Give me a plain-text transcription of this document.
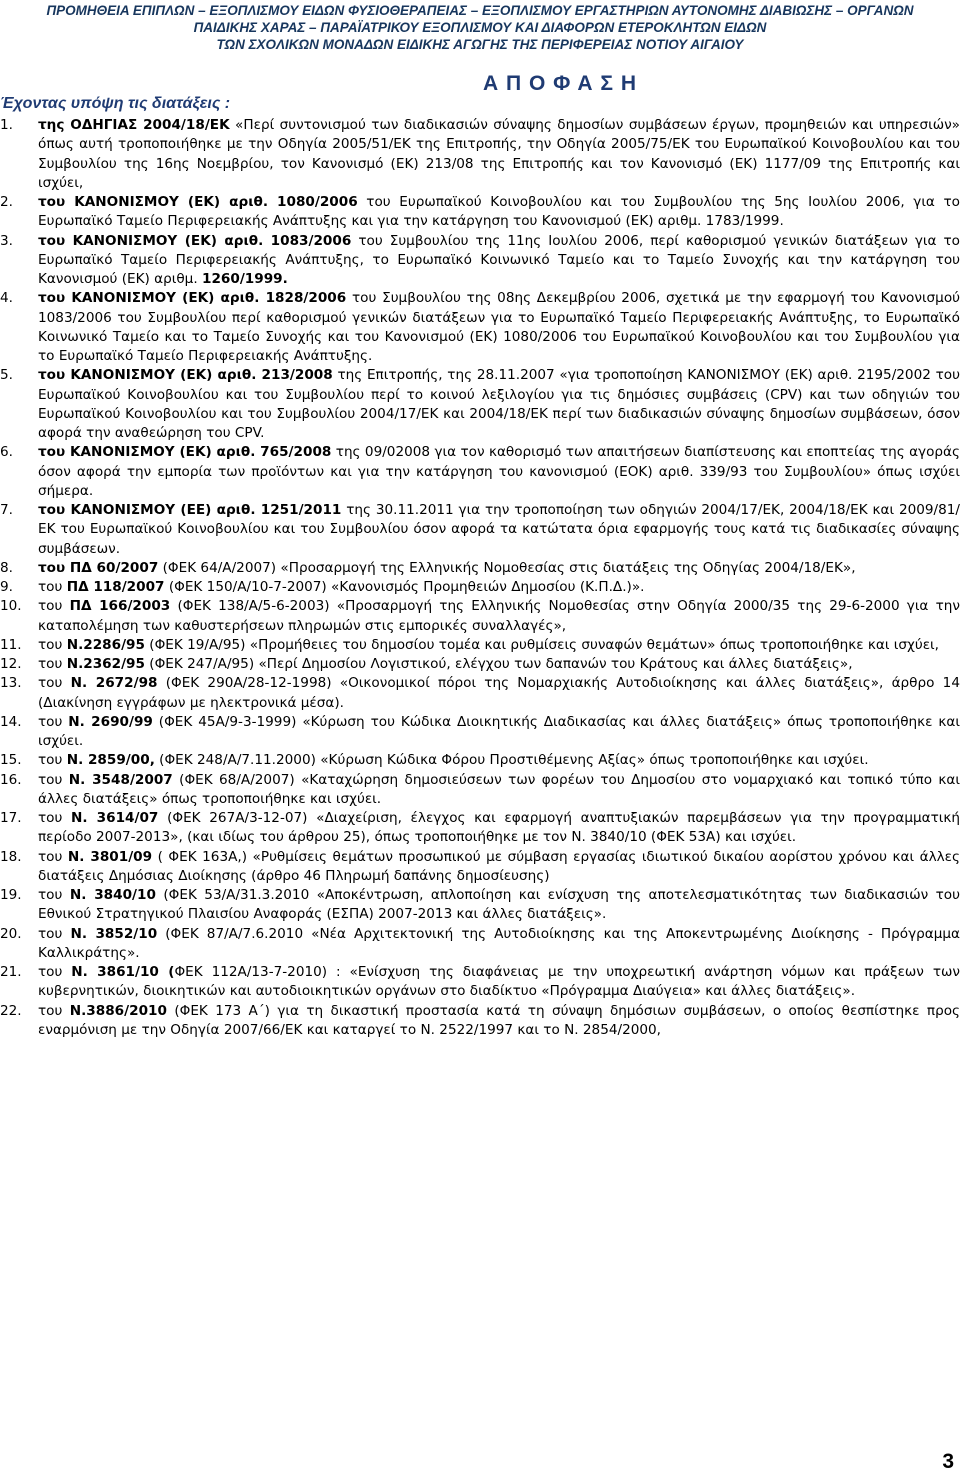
ΠΡΟΜΗΘΕΙΑ ΕΠΙΠΛΩΝ – ΕΞΟΠΛΙΣΜΟΥ ΕΙΔΩΝ ΦΥΣΙΟΘΕΡΑΠΕΙΑΣ – ΕΞΟΠΛΙΣΜΟΥ ΕΡΓΑΣΤΗΡΙΩΝ ΑΥΤΟΝΟΜΗΣ ΔΙΑΒΙΩΣΗΣ – ΟΡΓΑΝΩΝ
ΠΑΙΔΙΚΗΣ ΧΑΡΑΣ – ΠΑΡΑΪΑΤΡΙΚΟΥ ΕΞΟΠΛΙΣΜΟΥ ΚΑΙ ΔΙΑΦΟΡΩΝ ΕΤΕΡΟΚΛΗΤΩΝ ΕΙΔΩΝ
ΤΩΝ ΣΧΟΛΙΚΩΝ ΜΟΝΑΔΩΝ ΕΙΔΙΚΗΣ ΑΓΩΓΗΣ ΤΗΣ ΠΕΡΙΦΕΡΕΙΑΣ ΝΟΤΙΟΥ ΑΙΓΑΙΟΥ
Α Π Ο Φ Α Σ Η
Έχοντας υπόψη τις διατάξεις :
1. της ΟΔΗΓΙΑΣ 2004/18/ΕΚ «Περί συντονισμού των διαδικασιών σύναψης δημοσίων συμβάσεων έργων, προμηθειών και υπηρεσιών» όπως αυτή τροποποιήθηκε με την Οδηγία 2005/51/ΕΚ της Επιτροπής, την Οδηγία 2005/75/ΕΚ του Ευρωπαϊκού Κοινοβουλίου και του Συμβουλίου της 16ης Νοεμβρίου, τον Κανονισμό (ΕΚ) 213/08 της Επιτροπής και τον Κανονισμό (ΕΚ) 1177/09 της Επιτροπής και ισχύει,

2. του ΚΑΝΟΝΙΣΜΟΥ (ΕΚ) αριθ. 1080/2006 του Ευρωπαϊκού Κοινοβουλίου και του Συμβουλίου της 5ης Ιουλίου 2006, για το Ευρωπαϊκό Ταμείο Περιφερειακής Ανάπτυξης και για την κατάργηση του Κανονισμού (ΕΚ) αριθμ. 1783/1999.

3. του ΚΑΝΟΝΙΣΜΟΥ (ΕΚ) αριθ. 1083/2006 του Συμβουλίου της 11ης Ιουλίου 2006, περί καθορισμού γενικών διατάξεων για το Ευρωπαϊκό Ταμείο Περιφερειακής Ανάπτυξης, το Ευρωπαϊκό Κοινωνικό Ταμείο και το Ταμείο Συνοχής και την κατάργηση του Κανονισμού (ΕΚ) αριθμ. 1260/1999.

4. του ΚΑΝΟΝΙΣΜΟΥ (ΕΚ) αριθ. 1828/2006 του Συμβουλίου της 08ης Δεκεμβρίου 2006, σχετικά με την εφαρμογή του Κανονισμού 1083/2006 του Συμβουλίου περί καθορισμού γενικών διατάξεων για το Ευρωπαϊκό Ταμείο Περιφερειακής Ανάπτυξης, το Ευρωπαϊκό Κοινωνικό Ταμείο και το Ταμείο Συνοχής και του Κανονισμού (ΕΚ) 1080/2006 του Ευρωπαϊκού Κοινοβουλίου και του Συμβουλίου για το Ευρωπαϊκό Ταμείο Περιφερειακής Ανάπτυξης.

5. του ΚΑΝΟΝΙΣΜΟΥ (ΕΚ) αριθ. 213/2008 της Επιτροπής, της 28.11.2007 «για τροποποίηση ΚΑΝΟΝΙΣΜΟΥ (ΕΚ) αριθ. 2195/2002 του Ευρωπαϊκού Κοινοβουλίου και του Συμβουλίου περί το κοινού λεξιλογίου για τις δημόσιες συμβάσεις (CPV) και των οδηγιών του Ευρωπαϊκού Κοινοβουλίου και του Συμβουλίου 2004/17/ΕΚ και 2004/18/ΕΚ περί των διαδικασιών σύναψης δημοσίων συμβάσεων, όσον αφορά την αναθεώρηση του CPV.

6. του ΚΑΝΟΝΙΣΜΟΥ (ΕΚ) αριθ. 765/2008 της 09/02008 για τον καθορισμό των απαιτήσεων διαπίστευσης και εποπτείας της αγοράς όσον αφορά την εμπορία των προϊόντων και για την κατάργηση του κανονισμού (ΕΟΚ) αριθ. 339/93 του Συμβουλίου» όπως ισχύει σήμερα.

7. του ΚΑΝΟΝΙΣΜΟΥ (ΕΕ) αριθ. 1251/2011 της 30.11.2011 για την τροποποίηση των οδηγιών 2004/17/ΕΚ, 2004/18/ΕΚ και 2009/81/ΕΚ του Ευρωπαϊκού Κοινοβουλίου και του Συμβουλίου όσον αφορά τα κατώτατα όρια εφαρμογής τους κατά τις διαδικασίες σύναψης συμβάσεων.

8. του ΠΔ 60/2007 (ΦΕΚ 64/Α/2007) «Προσαρμογή της Ελληνικής Νομοθεσίας στις διατάξεις της Οδηγίας 2004/18/ΕΚ»,

9. του ΠΔ 118/2007 (ΦΕΚ 150/Α/10-7-2007) «Κανονισμός Προμηθειών Δημοσίου (Κ.Π.Δ.)».

10. του ΠΔ 166/2003 (ΦΕΚ 138/Α/5-6-2003) «Προσαρμογή της Ελληνικής Νομοθεσίας στην Οδηγία 2000/35 της 29-6-2000 για την καταπολέμηση των καθυστερήσεων πληρωμών στις εμπορικές συναλλαγές»,

11. του Ν.2286/95 (ΦΕΚ 19/Α/95) «Προμήθειες του δημοσίου τομέα και ρυθμίσεις συναφών θεμάτων» όπως τροποποιήθηκε και ισχύει,

12. του Ν.2362/95 (ΦΕΚ 247/Α/95) «Περί Δημοσίου Λογιστικού, ελέγχου των δαπανών του Κράτους και άλλες διατάξεις»,

13. του Ν. 2672/98 (ΦΕΚ 290Α/28-12-1998) «Οικονομικοί πόροι της Νομαρχιακής Αυτοδιοίκησης και άλλες διατάξεις», άρθρο 14 (Διακίνηση εγγράφων με ηλεκτρονικά μέσα).

14. του Ν. 2690/99 (ΦΕΚ 45Α/9-3-1999) «Κύρωση του Κώδικα Διοικητικής Διαδικασίας και άλλες διατάξεις» όπως τροποποιήθηκε και ισχύει.

15. του Ν. 2859/00, (ΦΕΚ 248/Α/7.11.2000) «Κύρωση Κώδικα Φόρου Προστιθέμενης Αξίας» όπως τροποποιήθηκε και ισχύει.

16. του Ν. 3548/2007 (ΦΕΚ 68/Α/2007) «Καταχώρηση δημοσιεύσεων των φορέων του Δημοσίου στο νομαρχιακό και τοπικό τύπο και άλλες διατάξεις» όπως τροποποιήθηκε και ισχύει.

17. του Ν. 3614/07 (ΦΕΚ 267Α/3-12-07) «Διαχείριση, έλεγχος και εφαρμογή αναπτυξιακών παρεμβάσεων για την προγραμματική περίοδο 2007-2013», (και ιδίως του άρθρου 25), όπως τροποποιήθηκε με τον Ν. 3840/10 (ΦΕΚ 53Α) και ισχύει.

18. του Ν. 3801/09 ( ΦΕΚ 163Α,) «Ρυθμίσεις θεμάτων προσωπικού με σύμβαση εργασίας ιδιωτικού δικαίου αορίστου χρόνου και άλλες διατάξεις Δημόσιας Διοίκησης (άρθρο 46 Πληρωμή δαπάνης δημοσίευσης)

19. του Ν. 3840/10 (ΦΕΚ 53/Α/31.3.2010 «Αποκέντρωση, απλοποίηση και ενίσχυση της αποτελεσματικότητας των διαδικασιών του Εθνικού Στρατηγικού Πλαισίου Αναφοράς (ΕΣΠΑ) 2007-2013 και άλλες διατάξεις».

20. του Ν. 3852/10 (ΦΕΚ 87/Α/7.6.2010 «Νέα Αρχιτεκτονική της Αυτοδιοίκησης και της Αποκεντρωμένης Διοίκησης - Πρόγραμμα Καλλικράτης».

21. του Ν. 3861/10 (ΦΕΚ 112Α/13-7-2010) : «Ενίσχυση της διαφάνειας με την υποχρεωτική ανάρτηση νόμων και πράξεων των κυβερνητικών, διοικητικών και αυτοδιοικητικών οργάνων στο διαδίκτυο «Πρόγραμμα Διαύγεια» και άλλες διατάξεις».

22. του Ν.3886/2010 (ΦΕΚ 173 Α΄) για τη δικαστική προστασία κατά τη σύναψη δημόσιων συμβάσεων, ο οποίος θεσπίστηκε προς εναρμόνιση με την Οδηγία 2007/66/ΕΚ και καταργεί το Ν. 2522/1997 και το Ν. 2854/2000,

3
